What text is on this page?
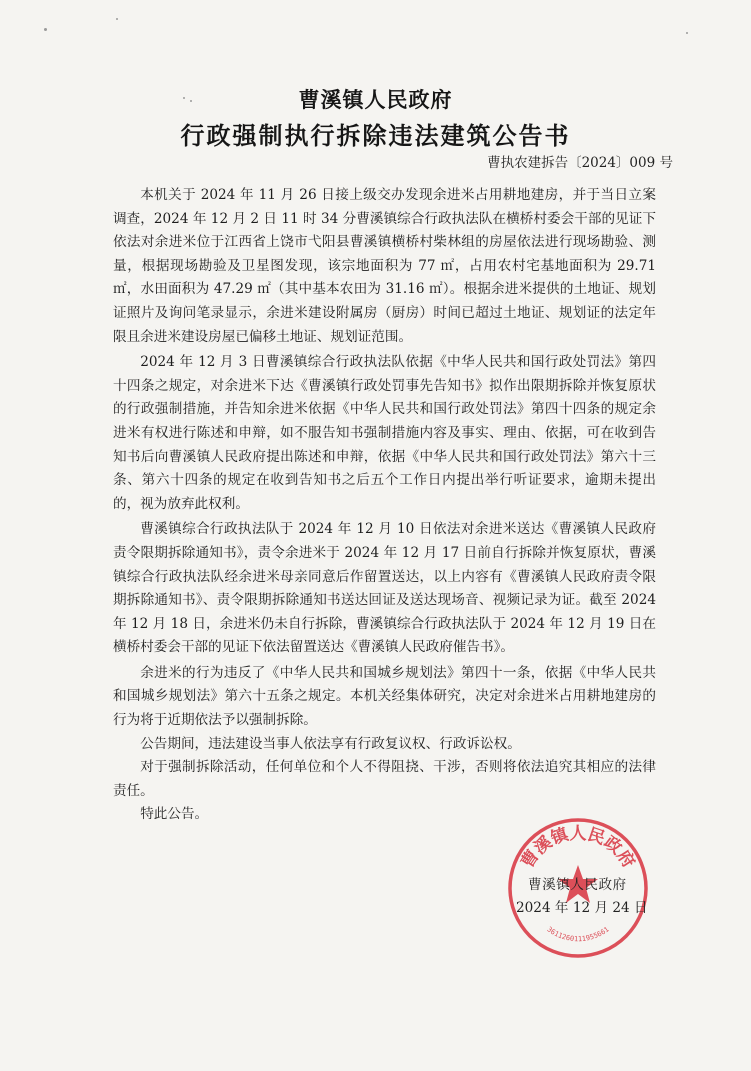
曹溪镇人民政府
行政强制执行拆除违法建筑公告书
曹执农建拆告〔2024〕009 号

本机关于 2024 年 11 月 26 日接上级交办发现余进米占用耕地建房，并于当日立案调查，2024 年 12 月 2 日 11 时 34 分曹溪镇综合行政执法队在横桥村委会干部的见证下依法对余进米位于江西省上饶市弋阳县曹溪镇横桥村柴林组的房屋依法进行现场勘验、测量，根据现场勘验及卫星图发现，该宗地面积为 77 ㎡，占用农村宅基地面积为 29.71 ㎡，水田面积为 47.29 ㎡（其中基本农田为 31.16 ㎡）。根据余进米提供的土地证、规划证照片及询问笔录显示，余进米建设附属房（厨房）时间已超过土地证、规划证的法定年限且余进米建设房屋已偏移土地证、规划证范围。

2024 年 12 月 3 日曹溪镇综合行政执法队依据《中华人民共和国行政处罚法》第四十四条之规定，对余进米下达《曹溪镇行政处罚事先告知书》拟作出限期拆除并恢复原状的行政强制措施，并告知余进米依据《中华人民共和国行政处罚法》第四十四条的规定余进米有权进行陈述和申辩，如不服告知书强制措施内容及事实、理由、依据，可在收到告知书后向曹溪镇人民政府提出陈述和申辩，依据《中华人民共和国行政处罚法》第六十三条、第六十四条的规定在收到告知书之后五个工作日内提出举行听证要求，逾期未提出的，视为放弃此权利。

曹溪镇综合行政执法队于 2024 年 12 月 10 日依法对余进米送达《曹溪镇人民政府责令限期拆除通知书》，责令余进米于 2024 年 12 月 17 日前自行拆除并恢复原状，曹溪镇综合行政执法队经余进米母亲同意后作留置送达，以上内容有《曹溪镇人民政府责令限期拆除通知书》、责令限期拆除通知书送达回证及送达现场音、视频记录为证。截至 2024 年 12 月 18 日，余进米仍未自行拆除，曹溪镇综合行政执法队于 2024 年 12 月 19 日在横桥村委会干部的见证下依法留置送达《曹溪镇人民政府催告书》。

余进米的行为违反了《中华人民共和国城乡规划法》第四十一条，依据《中华人民共和国城乡规划法》第六十五条之规定。本机关经集体研究，决定对余进米占用耕地建房的行为将于近期依法予以强制拆除。

公告期间，违法建设当事人依法享有行政复议权、行政诉讼权。

对于强制拆除活动，任何单位和个人不得阻挠、干涉，否则将依法追究其相应的法律责任。

特此公告。

曹溪镇人民政府
3611260111955661
曹溪镇人民政府
2024 年 12 月 24 日
